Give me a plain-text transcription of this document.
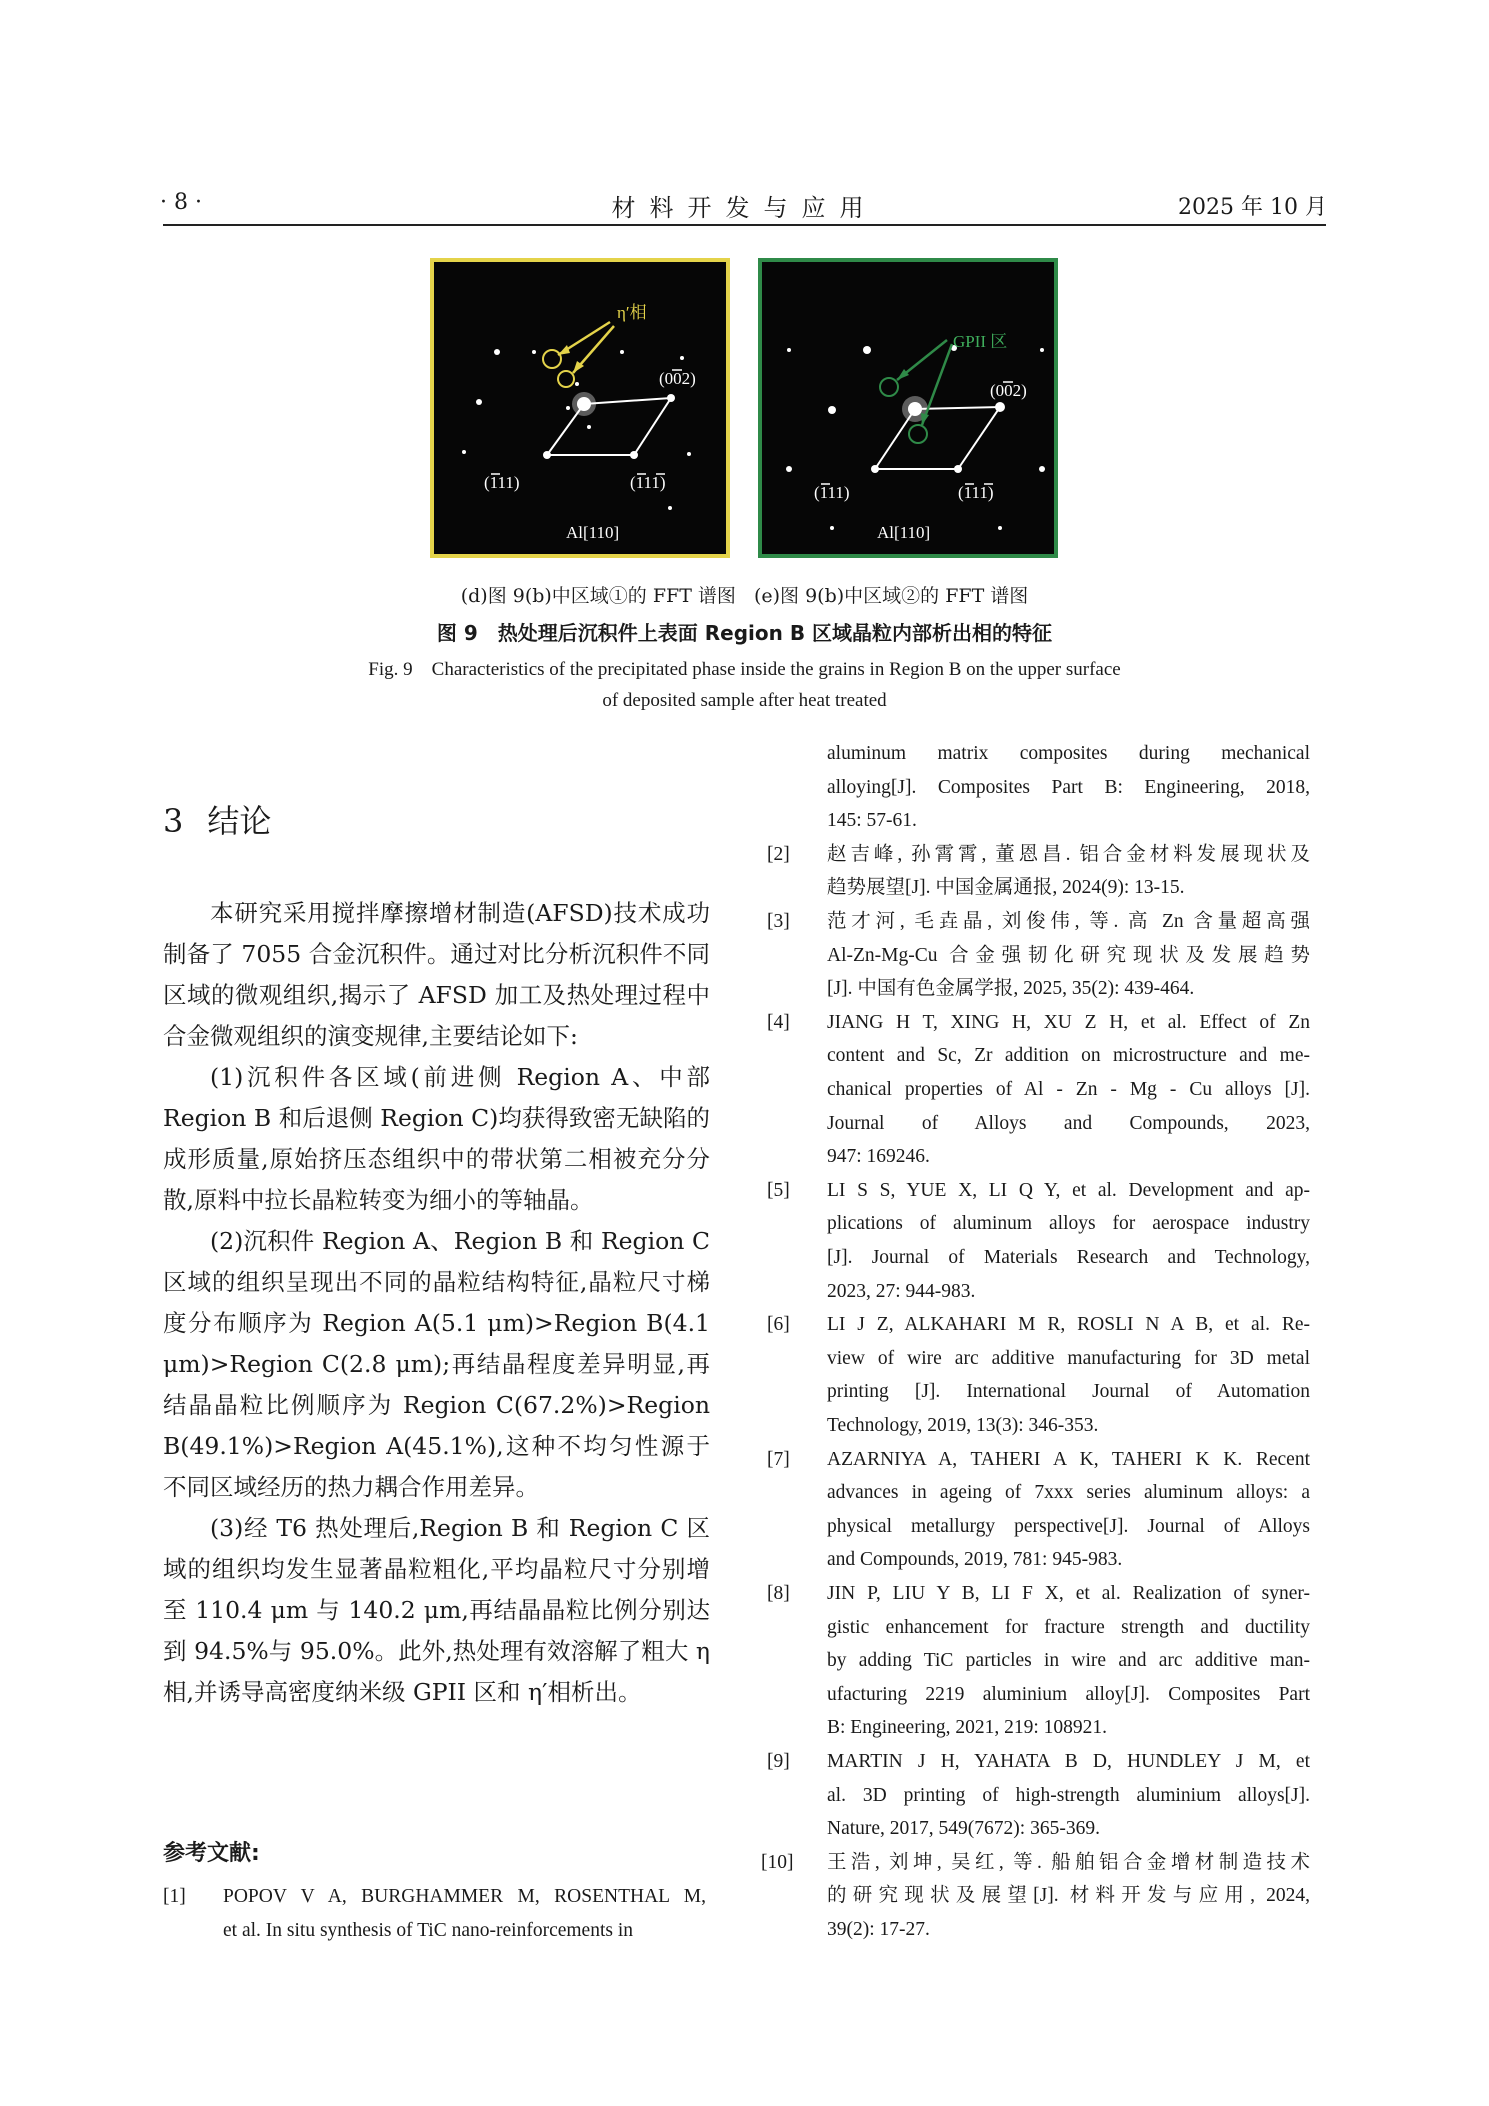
· 8 ·	材料开发与应用	2025 年 10 月
η′相
(002)
(111)	(111)
Al[110]
GPII 区
(002)
(111)	(111)
Al[110]
(d)图 9(b)中区域①的 FFT 谱图 (e)图 9(b)中区域②的 FFT 谱图
图 9　热处理后沉积件上表面 Region B 区域晶粒内部析出相的特征
Fig. 9　Characteristics of the precipitated phase inside the grains in Region B on the upper surface
of deposited sample after heat treated
3 结论

本研究采用搅拌摩擦增材制造(AFSD)技术成功制备了 7055 合金沉积件。通过对比分析沉积件不同区域的微观组织,揭示了 AFSD 加工及热处理过程中合金微观组织的演变规律,主要结论如下:

(1)沉积件各区域(前进侧 Region A、中部 Region B 和后退侧 Region C)均获得致密无缺陷的成形质量,原始挤压态组织中的带状第二相被充分分散,原料中拉长晶粒转变为细小的等轴晶。

(2)沉积件 Region A、Region B 和 Region C 区域的组织呈现出不同的晶粒结构特征,晶粒尺寸梯度分布顺序为 Region A(5.1 μm)>Region B(4.1 μm)>Region C(2.8 μm);再结晶程度差异明显,再结晶晶粒比例顺序为 Region C(67.2%)>Region B(49.1%)>Region A(45.1%),这种不均匀性源于不同区域经历的热力耦合作用差异。

(3)经 T6 热处理后,Region B 和 Region C 区域的组织均发生显著晶粒粗化,平均晶粒尺寸分别增至 110.4 μm 与 140.2 μm,再结晶晶粒比例分别达到 94.5%与 95.0%。此外,热处理有效溶解了粗大 η 相,并诱导高密度纳米级 GPII 区和 η′相析出。

参考文献:
[1] POPOV V A, BURGHAMMER M, ROSENTHAL M,
et al. In situ synthesis of TiC nano-reinforcements in
aluminum matrix composites during mechanical
alloying[J]. Composites Part B: Engineering, 2018,
145: 57-61.
[2] 赵吉峰, 孙霄霄, 董恩昌. 铝合金材料发展现状及
趋势展望[J]. 中国金属通报, 2024(9): 13-15.
[3] 范才河, 毛垚晶, 刘俊伟, 等. 高 Zn 含量超高强
Al-Zn-Mg-Cu 合金强韧化研究现状及发展趋势
[J]. 中国有色金属学报, 2025, 35(2): 439-464.
[4] JIANG H T, XING H, XU Z H, et al. Effect of Zn
content and Sc, Zr addition on microstructure and me-
chanical properties of Al - Zn - Mg - Cu alloys [J].
Journal of Alloys and Compounds, 2023,
947: 169246.
[5] LI S S, YUE X, LI Q Y, et al. Development and ap-
plications of aluminum alloys for aerospace industry
[J]. Journal of Materials Research and Technology,
2023, 27: 944-983.
[6] LI J Z, ALKAHARI M R, ROSLI N A B, et al. Re-
view of wire arc additive manufacturing for 3D metal
printing [J]. International Journal of Automation
Technology, 2019, 13(3): 346-353.
[7] AZARNIYA A, TAHERI A K, TAHERI K K. Recent
advances in ageing of 7xxx series aluminum alloys: a
physical metallurgy perspective[J]. Journal of Alloys
and Compounds, 2019, 781: 945-983.
[8] JIN P, LIU Y B, LI F X, et al. Realization of syner-
gistic enhancement for fracture strength and ductility
by adding TiC particles in wire and arc additive man-
ufacturing 2219 aluminium alloy[J]. Composites Part
B: Engineering, 2021, 219: 108921.
[9] MARTIN J H, YAHATA B D, HUNDLEY J M, et
al. 3D printing of high-strength aluminium alloys[J].
Nature, 2017, 549(7672): 365-369.
[10] 王浩, 刘坤, 吴红, 等. 船舶铝合金增材制造技术
的研究现状及展望[J]. 材料开发与应用, 2024,
39(2): 17-27.
